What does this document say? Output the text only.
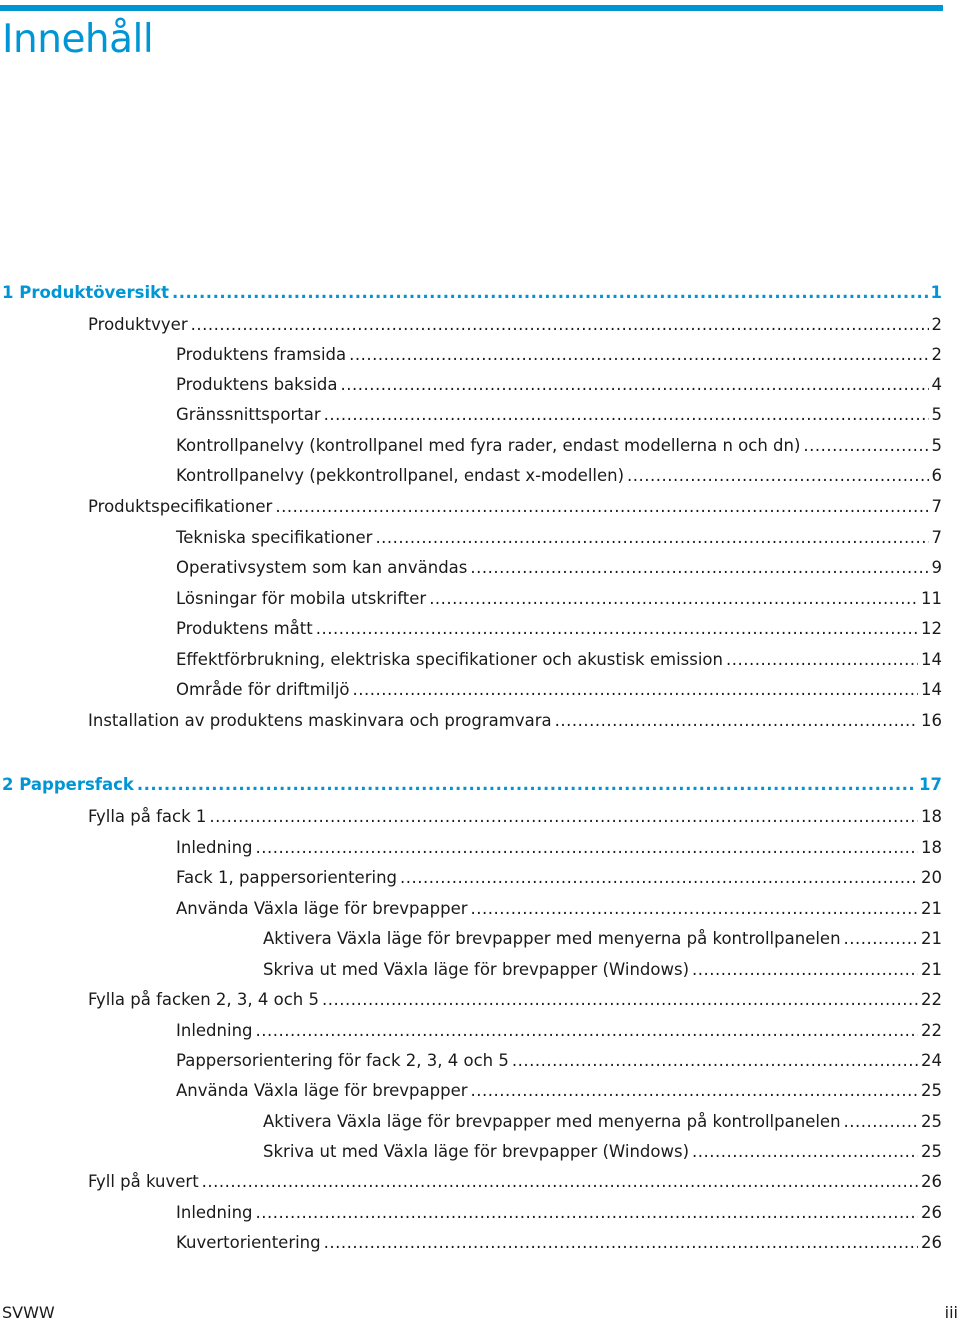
Innehåll
1 Produktöversikt .....	1
Produktvyer .....	2
Produktens framsida .....	2
Produktens baksida .....	4
Gränssnittsportar .....	5
Kontrollpanelvy (kontrollpanel med fyra rader, endast modellerna n och dn) .....	5
Kontrollpanelvy (pekkontrollpanel, endast x-modellen) .....	6
Produktspecifikationer .....	7
Tekniska specifikationer .....	7
Operativsystem som kan användas .....	9
Lösningar för mobila utskrifter .....	11
Produktens mått .....	12
Effektförbrukning, elektriska specifikationer och akustisk emission .....	14
Område för driftmiljö .....	14
Installation av produktens maskinvara och programvara .....	16
2 Pappersfack .....	17
Fylla på fack 1 .....	18
Inledning .....	18
Fack 1, pappersorientering .....	20
Använda Växla läge för brevpapper .....	21
Aktivera Växla läge för brevpapper med menyerna på kontrollpanelen .....	21
Skriva ut med Växla läge för brevpapper (Windows) .....	21
Fylla på facken 2, 3, 4 och 5 .....	22
Inledning .....	22
Pappersorientering för fack 2, 3, 4 och 5 .....	24
Använda Växla läge för brevpapper .....	25
Aktivera Växla läge för brevpapper med menyerna på kontrollpanelen .....	25
Skriva ut med Växla läge för brevpapper (Windows) .....	25
Fyll på kuvert .....	26
Inledning .....	26
Kuvertorientering .....	26
SVWW	iii
